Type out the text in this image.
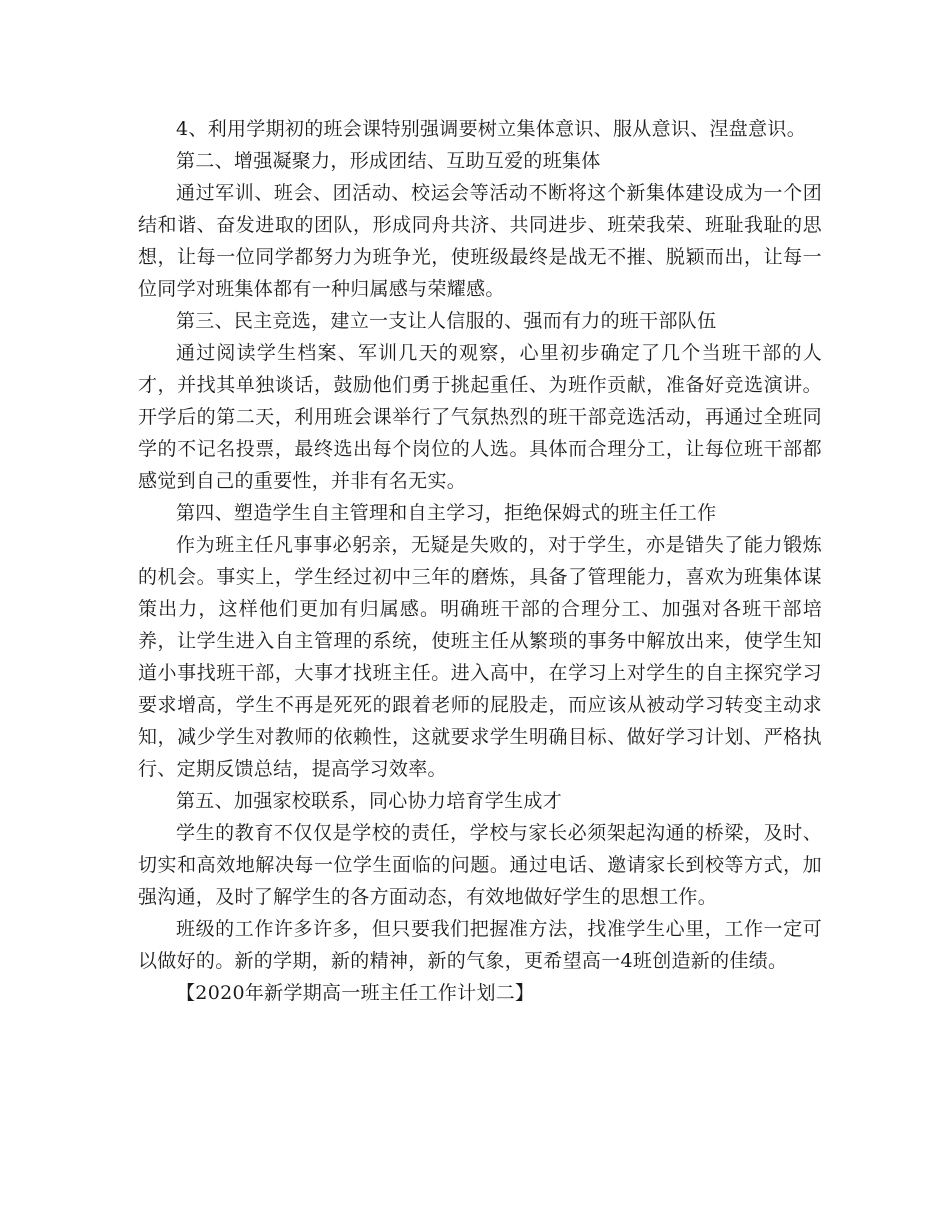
4、利用学期初的班会课特别强调要树立集体意识、服从意识、涅盘意识。

第二、增强凝聚力，形成团结、互助互爱的班集体

通过军训、班会、团活动、校运会等活动不断将这个新集体建设成为一个团结和谐、奋发进取的团队，形成同舟共济、共同进步、班荣我荣、班耻我耻的思想，让每一位同学都努力为班争光，使班级最终是战无不摧、脱颖而出，让每一位同学对班集体都有一种归属感与荣耀感。

第三、民主竞选，建立一支让人信服的、强而有力的班干部队伍

通过阅读学生档案、军训几天的观察，心里初步确定了几个当班干部的人才，并找其单独谈话，鼓励他们勇于挑起重任、为班作贡献，准备好竞选演讲。开学后的第二天，利用班会课举行了气氛热烈的班干部竞选活动，再通过全班同学的不记名投票，最终选出每个岗位的人选。具体而合理分工，让每位班干部都感觉到自己的重要性，并非有名无实。

第四、塑造学生自主管理和自主学习，拒绝保姆式的班主任工作

作为班主任凡事事必躬亲，无疑是失败的，对于学生，亦是错失了能力锻炼的机会。事实上，学生经过初中三年的磨炼，具备了管理能力，喜欢为班集体谋策出力，这样他们更加有归属感。明确班干部的合理分工、加强对各班干部培养，让学生进入自主管理的系统，使班主任从繁琐的事务中解放出来，使学生知道小事找班干部，大事才找班主任。进入高中，在学习上对学生的自主探究学习要求增高，学生不再是死死的跟着老师的屁股走，而应该从被动学习转变主动求知，减少学生对教师的依赖性，这就要求学生明确目标、做好学习计划、严格执行、定期反馈总结，提高学习效率。

第五、加强家校联系，同心协力培育学生成才

学生的教育不仅仅是学校的责任，学校与家长必须架起沟通的桥梁，及时、切实和高效地解决每一位学生面临的问题。通过电话、邀请家长到校等方式，加强沟通，及时了解学生的各方面动态，有效地做好学生的思想工作。

班级的工作许多许多，但只要我们把握准方法，找准学生心里，工作一定可以做好的。新的学期，新的精神，新的气象，更希望高一4班创造新的佳绩。

【2020年新学期高一班主任工作计划二】
